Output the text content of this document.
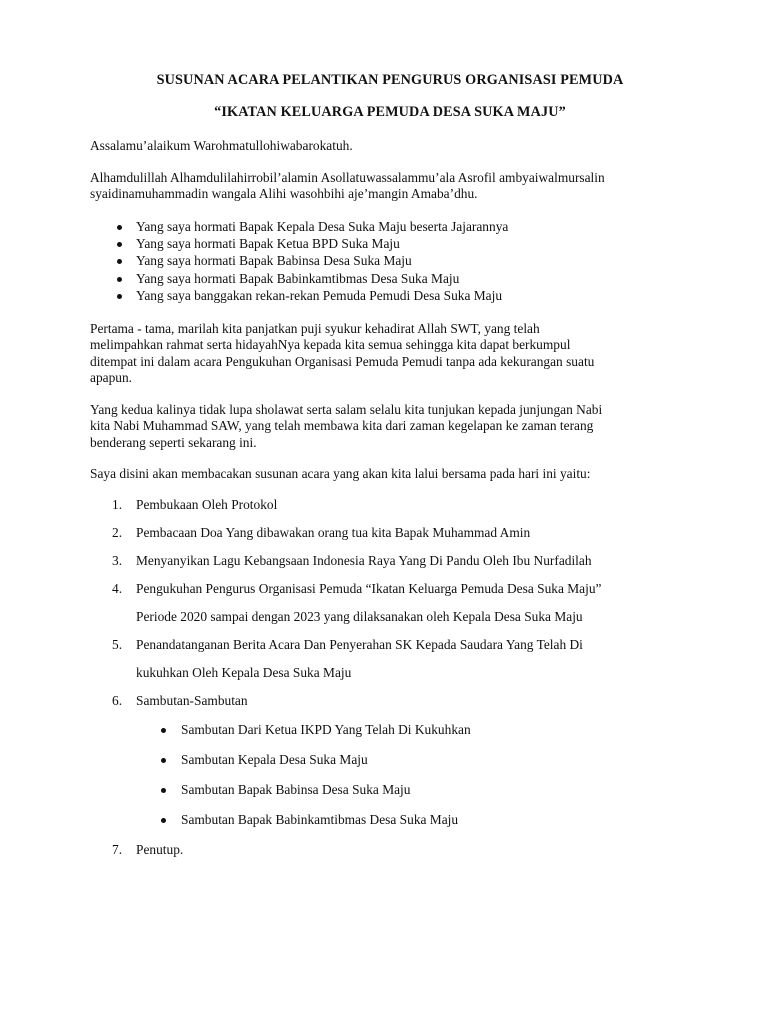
SUSUNAN ACARA PELANTIKAN PENGURUS ORGANISASI PEMUDA
“IKATAN KELUARGA PEMUDA DESA SUKA MAJU”

Assalamu’alaikum Warohmatullohiwabarokatuh.

Alhamdulillah Alhamdulilahirrobil’alamin Asollatuwassalammu’ala Asrofil ambyaiwalmursalin
syaidinamuhammadin wangala Alihi wasohbihi aje’mangin Amaba’dhu.

Yang saya hormati Bapak Kepala Desa Suka Maju beserta Jajarannya
Yang saya hormati Bapak Ketua BPD Suka Maju
Yang saya hormati Bapak Babinsa Desa Suka Maju
Yang saya hormati Bapak Babinkamtibmas Desa Suka Maju
Yang saya banggakan rekan-rekan Pemuda Pemudi Desa Suka Maju

Pertama - tama, marilah kita panjatkan puji syukur kehadirat Allah SWT, yang telah
melimpahkan rahmat serta hidayahNya kepada kita semua sehingga kita dapat berkumpul
ditempat ini dalam acara Pengukuhan Organisasi Pemuda Pemudi tanpa ada kekurangan suatu
apapun.

Yang kedua kalinya tidak lupa sholawat serta salam selalu kita tunjukan kepada junjungan Nabi
kita Nabi Muhammad SAW, yang telah membawa kita dari zaman kegelapan ke zaman terang
benderang seperti sekarang ini.

Saya disini akan membacakan susunan acara yang akan kita lalui bersama pada hari ini yaitu:

1. Pembukaan Oleh Protokol
2. Pembacaan Doa Yang dibawakan orang tua kita Bapak Muhammad Amin
3. Menyanyikan Lagu Kebangsaan Indonesia Raya Yang Di Pandu Oleh Ibu Nurfadilah
4. Pengukuhan Pengurus Organisasi Pemuda “Ikatan Keluarga Pemuda Desa Suka Maju”
Periode 2020 sampai dengan 2023 yang dilaksanakan oleh Kepala Desa Suka Maju
5. Penandatanganan Berita Acara Dan Penyerahan SK Kepada Saudara Yang Telah Di
kukuhkan Oleh Kepala Desa Suka Maju
6. Sambutan-Sambutan
Sambutan Dari Ketua IKPD Yang Telah Di Kukuhkan
Sambutan Kepala Desa Suka Maju
Sambutan Bapak Babinsa Desa Suka Maju
Sambutan Bapak Babinkamtibmas Desa Suka Maju
7. Penutup.
